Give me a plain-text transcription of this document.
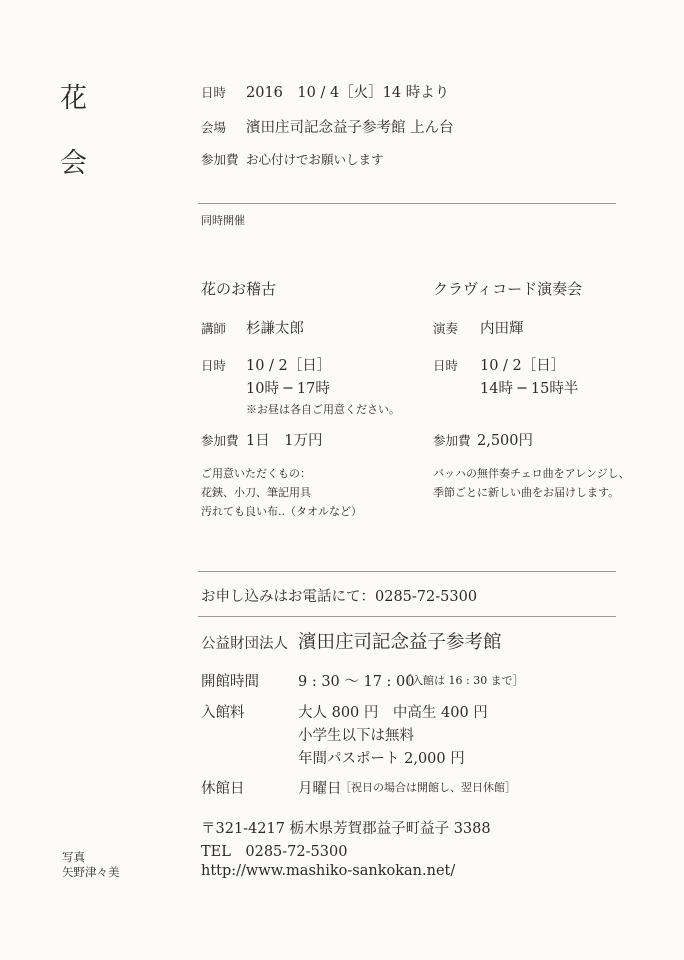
花
会
日時 2016　10 / 4［火］14 時より
会場 濱田庄司記念益子参考館 上ん台
参加費 お心付けでお願いします
同時開催
花のお稽古
講師 杉謙太郎
日時 10 / 2［日］
10時 ─ 17時
※お昼は各自ご用意ください。
参加費 1日　1万円
ご用意いただくもの：
花鋏、小刀、筆記用具
汚れても良い布..（タオルなど）
クラヴィコード演奏会
演奏 内田輝
日時 10 / 2［日］
14時 ─ 15時半
参加費 2,500円
バッハの無伴奏チェロ曲をアレンジし、
季節ごとに新しい曲をお届けします。
お申し込みはお電話にて：0285-72-5300
公益財団法人 濱田庄司記念益子参考館
開館時間	9 : 30 〜 17 : 00
［入館は 16 : 30 まで］
入館料	大人 800 円　中高生 400 円
小学生以下は無料
年間パスポート 2,000 円
休館日	月曜日
［祝日の場合は開館し、翌日休館］
〒321-4217 栃木県芳賀郡益子町益子 3388
TEL　0285-72-5300
http://www.mashiko-sankokan.net/
写真
矢野津々美
